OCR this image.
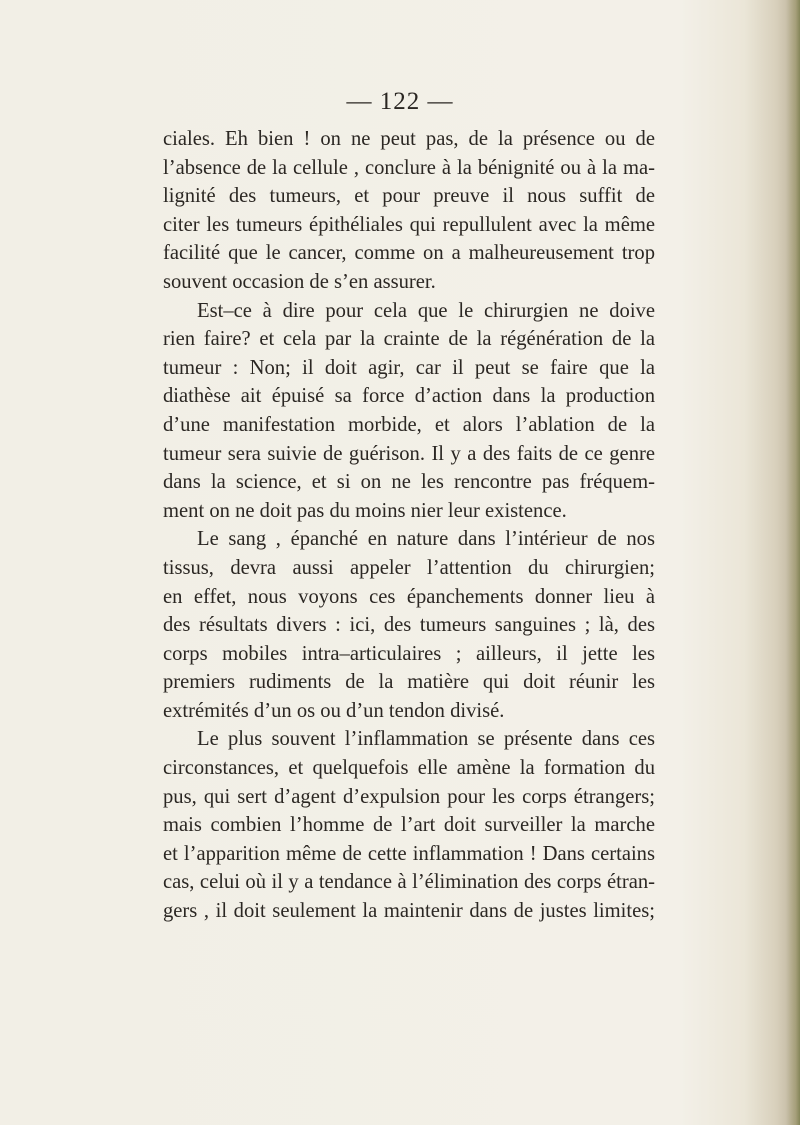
— 122 —
ciales. Eh bien ! on ne peut pas, de la présence ou de
l’absence de la cellule , conclure à la bénignité ou à la ma-
lignité des tumeurs, et pour preuve il nous suffit de
citer les tumeurs épithéliales qui repullulent avec la même
facilité que le cancer, comme on a malheureusement trop
souvent occasion de s’en assurer.
Est–ce à dire pour cela que le chirurgien ne doive
rien faire? et cela par la crainte de la régénération de la
tumeur : Non; il doit agir, car il peut se faire que la
diathèse ait épuisé sa force d’action dans la production
d’une manifestation morbide, et alors l’ablation de la
tumeur sera suivie de guérison. Il y a des faits de ce genre
dans la science, et si on ne les rencontre pas fréquem-
ment on ne doit pas du moins nier leur existence.
Le sang , épanché en nature dans l’intérieur de nos
tissus, devra aussi appeler l’attention du chirurgien;
en effet, nous voyons ces épanchements donner lieu à
des résultats divers : ici, des tumeurs sanguines ; là, des
corps mobiles intra–articulaires ; ailleurs, il jette les
premiers rudiments de la matière qui doit réunir les
extrémités d’un os ou d’un tendon divisé.
Le plus souvent l’inflammation se présente dans ces
circonstances, et quelquefois elle amène la formation du
pus, qui sert d’agent d’expulsion pour les corps étrangers;
mais combien l’homme de l’art doit surveiller la marche
et l’apparition même de cette inflammation ! Dans certains
cas, celui où il y a tendance à l’élimination des corps étran-
gers , il doit seulement la maintenir dans de justes limites;
